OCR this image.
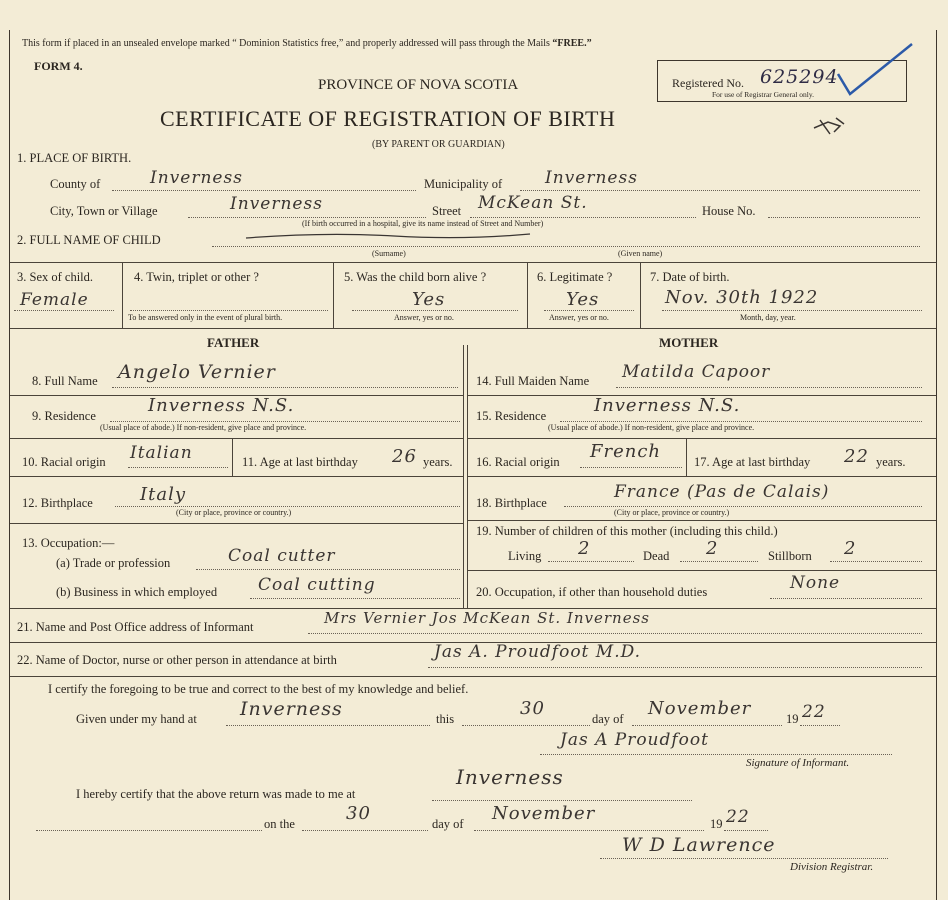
This form if placed in an unsealed envelope marked “ Dominion Statistics free,” and properly addressed will pass through the Mails “FREE.”
FORM 4.
PROVINCE OF NOVA SCOTIA
CERTIFICATE OF REGISTRATION OF BIRTH
(BY PARENT OR GUARDIAN)
Registered No. 625294
For use of Registrar General only.
1. PLACE OF BIRTH.
County of	Inverness	Municipality of	Inverness
City, Town or Village	Inverness	Street McKean St.	House No.
(If birth occurred in a hospital, give its name instead of Street and Number)
2. FULL NAME OF CHILD
(Surname)	(Given name)
3. Sex of child.
Female
4. Twin, triplet or other ?
To be answered only in the event of plural birth.
5. Was the child born alive ?
Yes
Answer, yes or no.
6. Legitimate ?
Yes
Answer, yes or no.
7. Date of birth.
Nov. 30th 1922
Month, day, year.
FATHER	MOTHER
8. Full Name Angelo Vernier
9. Residence	Inverness N.S.
(Usual place of abode.) If non-resident, give place and province.
10. Racial origin Italian	11. Age at last birthday 26 years.
12. Birthplace	Italy
(City or place, province or country.)
13. Occupation:—
(a) Trade or profession	Coal cutter
(b) Business in which employed Coal cutting
14. Full Maiden Name Matilda Capoor
15. Residence	Inverness N.S.
(Usual place of abode.) If non-resident, give place and province.
16. Racial origin French	17. Age at last birthday 22 years.
18. Birthplace
France (Pas de Calais)
(City or place, province or country.)
19. Number of children of this mother (including this child.)
Living 2	Dead 2	Stillborn 2
20. Occupation, if other than household duties	None
21. Name and Post Office address of Informant	Mrs Vernier Jos McKean St. Inverness
22. Name of Doctor, nurse or other person in attendance at birth	Jas A. Proudfoot M.D.
I certify the foregoing to be true and correct to the best of my knowledge and belief.
Given under my hand at Inverness	this	30	day of November	19 22
Jas A Proudfoot
Signature of Informant.
I hereby certify that the above return was made to me at
Inverness
on the	30	day of November	19 22
W D Lawrence
Division Registrar.
